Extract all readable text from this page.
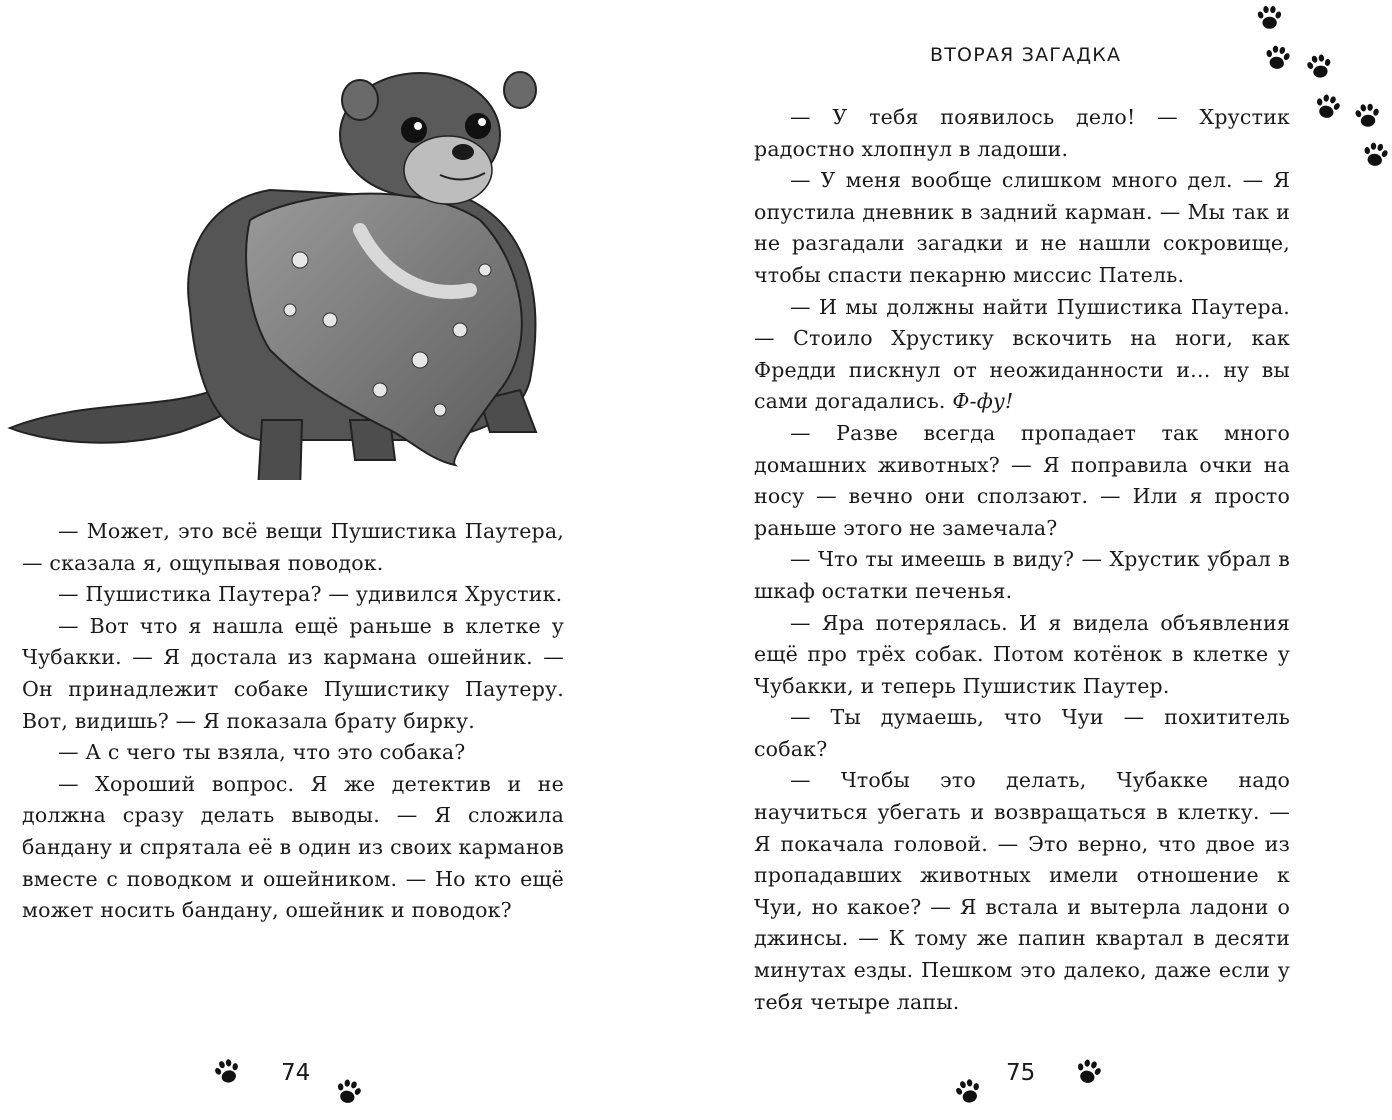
— Может, это всё вещи Пушистика Паутера, — сказала я, ощупывая поводок.

— Пушистика Паутера? — удивился Хрустик.

— Вот что я нашла ещё раньше в клетке у Чубакки. — Я достала из кармана ошейник. — Он принадлежит собаке Пушистику Паутеру. Вот, видишь? — Я показала брату бирку.

— А с чего ты взяла, что это собака?

— Хороший вопрос. Я же детектив и не должна сразу делать выводы. — Я сложила бандану и спрятала её в один из своих карманов вместе с поводком и ошейником. — Но кто ещё может носить бандану, ошейник и поводок?

74
ВТОРАЯ ЗАГАДКА

— У тебя появилось дело! — Хрустик радостно хлопнул в ладоши.

— У меня вообще слишком много дел. — Я опустила дневник в задний карман. — Мы так и не разгадали загадки и не нашли сокровище, чтобы спасти пекарню миссис Патель.

— И мы должны найти Пушистика Паутера. — Стоило Хрустику вскочить на ноги, как Фредди пискнул от неожиданности и… ну вы сами догадались. Ф-фу!

— Разве всегда пропадает так много домашних животных? — Я поправила очки на носу — вечно они сползают. — Или я просто раньше этого не замечала?

— Что ты имеешь в виду? — Хрустик убрал в шкаф остатки печенья.

— Яра потерялась. И я видела объявления ещё про трёх собак. Потом котёнок в клетке у Чубакки, и теперь Пушистик Паутер.

— Ты думаешь, что Чуи — похититель собак?

— Чтобы это делать, Чубакке надо научиться убегать и возвращаться в клетку. — Я покачала головой. — Это верно, что двое из пропадавших животных имели отношение к Чуи, но какое? — Я встала и вытерла ладони о джинсы. — К тому же папин квартал в десяти минутах езды. Пешком это далеко, даже если у тебя четыре лапы.

75
